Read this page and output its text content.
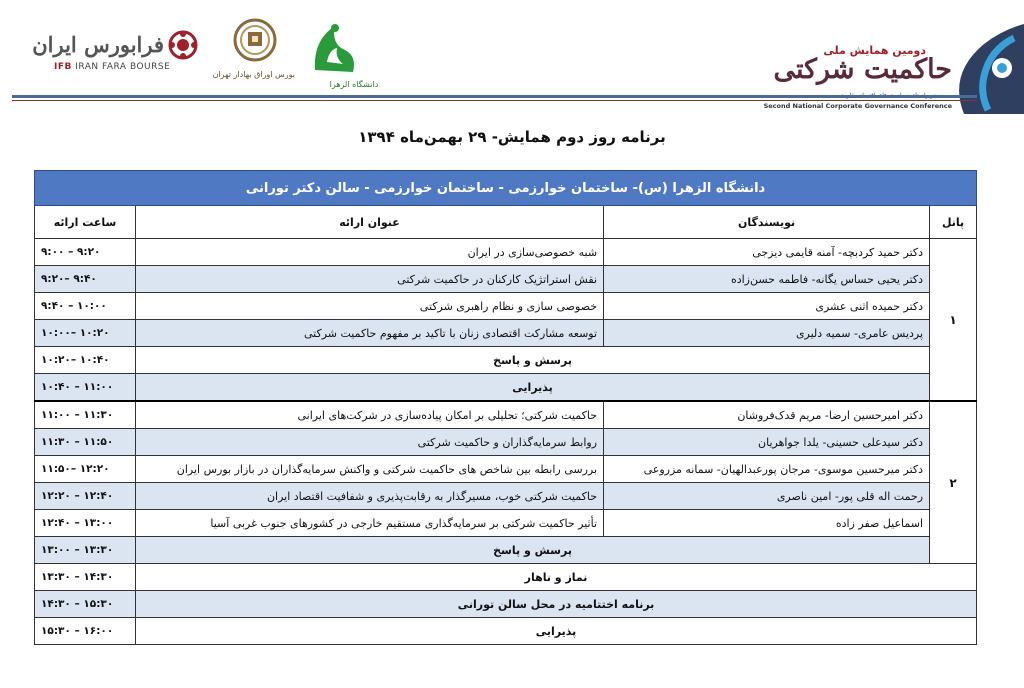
فرابورس ایران
IFB IRAN FARA BOURSE
بورس اوراق بهادار تهران
دانشگاه الزهرا
دومین همایش ملی
حاکمیت شرکتی
Second National Corporate Governance Conference
برنامه روز دوم همایش- ۲۹ بهمن‌ماه ۱۳۹۴
دانشگاه الزهرا (س)- ساختمان خوارزمی - ساختمان خوارزمی - سالن دکتر تورانی			
پانل	نویسندگان	عنوان ارائه	ساعت ارائه
۱	دکتر حمید کردبچه- آمنه قایمی دیزجی	شبه خصوصی‌سازی در ایران	۹:۰۰ – ۹:۲۰
	دکتر یحیی حساس یگانه- فاطمه حسن‌زاده	نقش استراتژیک کارکنان در حاکمیت شرکتی	۹:۲۰– ۹:۴۰
	دکتر حمیده اثنی عشری	خصوصی سازی و نظام راهبری شرکتی	۹:۴۰ – ۱۰:۰۰
	پردیس عامری- سمیه دلیری	توسعه مشارکت اقتصادی زنان با تاکید بر مفهوم حاکمیت شرکتی	۱۰:۰۰– ۱۰:۲۰
	پرسش و پاسخ		۱۰:۲۰– ۱۰:۴۰
	پذیرایی		۱۰:۴۰ – ۱۱:۰۰
۲	دکتر امیرحسین ارضا- مریم قدک‌فروشان	حاکمیت شرکتی؛ تحلیلی بر امکان پیاده‌سازی در شرکت‌های ایرانی	۱۱:۰۰ – ۱۱:۳۰
	دکتر سیدعلی حسینی- یلدا جواهریان	روابط سرمایه‌گذاران و حاکمیت شرکتی	۱۱:۳۰ – ۱۱:۵۰
	دکتر میرحسین موسوی- مرجان پورعبدالهیان- سمانه مزروعی	بررسی رابطه بین شاخص های حاکمیت شرکتی و واکنش سرمایه‌گذاران در بازار بورس ایران	۱۱:۵۰– ۱۲:۲۰
	رحمت اله قلی پور- امین ناصری	حاکمیت شرکتی خوب، مسیرگذار به رقابت‌پذیری و شفافیت اقتصاد ایران	۱۲:۲۰ – ۱۲:۴۰
	اسماعیل صفر زاده	تأثیر حاکمیت شرکتی بر سرمایه‌گذاری مستقیم خارجی در کشورهای جنوب غربی آسیا	۱۲:۴۰ – ۱۳:۰۰
	پرسش و پاسخ		۱۳:۰۰ – ۱۳:۳۰
نماز و ناهار			۱۳:۳۰ – ۱۴:۳۰
برنامه اختتامیه در محل سالن تورانی			۱۴:۳۰ – ۱۵:۳۰
پذیرایی			۱۵:۳۰ – ۱۶:۰۰
